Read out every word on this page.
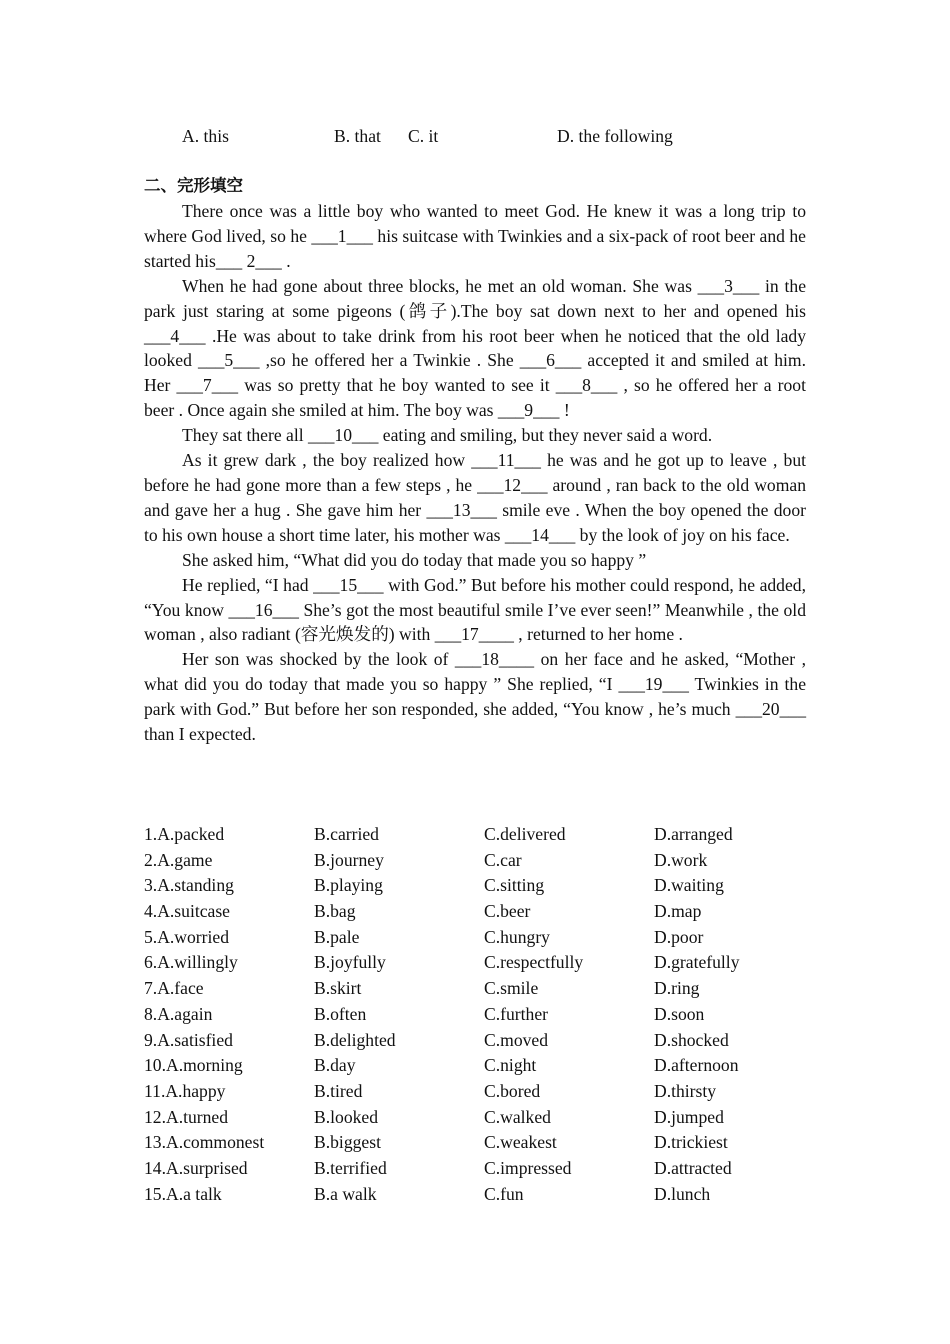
A. this	B. that C. it	D. the following
二、完形填空

There once was a little boy who wanted to meet God. He knew it was a long trip to where God lived, so he ___1___ his suitcase with Twinkies and a six-pack of root beer and he started his___ 2___ .

When he had gone about three blocks, he met an old woman. She was ___3___ in the park just staring at some pigeons (鸽子).The boy sat down next to her and opened his ___4___ .He was about to take drink from his root beer when he noticed that the old lady looked ___5___ ,so he offered her a Twinkie . She ___6___ accepted it and smiled at him. Her ___7___ was so pretty that he boy wanted to see it ___8___ , so he offered her a root beer . Once again she smiled at him. The boy was ___9___ !

They sat there all ___10___ eating and smiling, but they never said a word.

As it grew dark , the boy realized how ___11___ he was and he got up to leave , but before he had gone more than a few steps , he ___12___ around , ran back to the old woman and gave her a hug . She gave him her ___13___ smile eve . When the boy opened the door to his own house a short time later, his mother was ___14___ by the look of joy on his face.

She asked him, “What did you do today that made you so happy ”

He replied, “I had ___15___ with God.” But before his mother could respond, he added, “You know ___16___ She’s got the most beautiful smile I’ve ever seen!” Meanwhile , the old woman , also radiant (容光焕发的) with ___17____ , returned to her home .

Her son was shocked by the look of ___18____ on her face and he asked, “Mother , what did you do today that made you so happy ” She replied, “I ___19___ Twinkies in the park with God.” But before her son responded, she added, “You know , he’s much ___20___ than I expected.

1.A.packed	B.carried	C.delivered	D.arranged
2.A.game	B.journey	C.car	D.work
3.A.standing	B.playing	C.sitting	D.waiting
4.A.suitcase	B.bag	C.beer	D.map
5.A.worried	B.pale	C.hungry	D.poor
6.A.willingly	B.joyfully	C.respectfully	D.gratefully
7.A.face	B.skirt	C.smile	D.ring
8.A.again	B.often	C.further	D.soon
9.A.satisfied	B.delighted	C.moved	D.shocked
10.A.morning	B.day	C.night	D.afternoon
11.A.happy	B.tired	C.bored	D.thirsty
12.A.turned	B.looked	C.walked	D.jumped
13.A.commonest	B.biggest	C.weakest	D.trickiest
14.A.surprised	B.terrified	C.impressed	D.attracted
15.A.a talk	B.a walk	C.fun	D.lunch
